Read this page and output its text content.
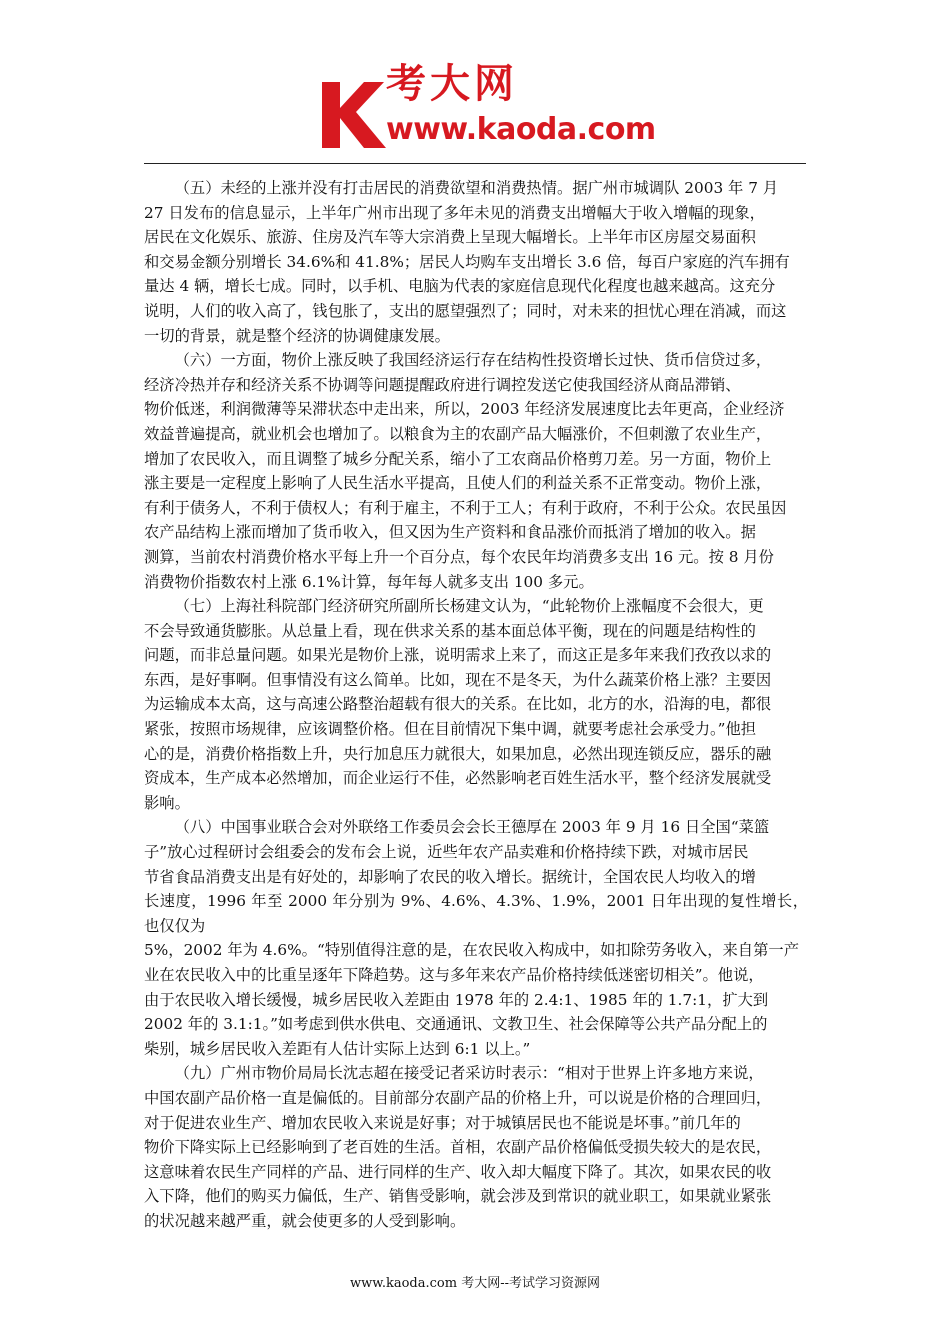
考大网
www.kaoda.com

（五）未经的上涨并没有打击居民的消费欲望和消费热情。据广州市城调队 2003 年 7 月
27 日发布的信息显示，上半年广州市出现了多年未见的消费支出增幅大于收入增幅的现象，
居民在文化娱乐、旅游、住房及汽车等大宗消费上呈现大幅增长。上半年市区房屋交易面积
和交易金额分别增长 34.6%和 41.8%；居民人均购车支出增长 3.6 倍，每百户家庭的汽车拥有
量达 4 辆，增长七成。同时，以手机、电脑为代表的家庭信息现代化程度也越来越高。这充分
说明，人们的收入高了，钱包胀了，支出的愿望强烈了；同时，对未来的担忧心理在消减，而这
一切的背景，就是整个经济的协调健康发展。

（六）一方面，物价上涨反映了我国经济运行存在结构性投资增长过快、货币信贷过多，
经济冷热并存和经济关系不协调等问题提醒政府进行调控发送它使我国经济从商品滞销、
物价低迷，利润微薄等呆滞状态中走出来，所以，2003 年经济发展速度比去年更高，企业经济
效益普遍提高，就业机会也增加了。以粮食为主的农副产品大幅涨价，不但刺激了农业生产，
增加了农民收入，而且调整了城乡分配关系，缩小了工农商品价格剪刀差。另一方面，物价上
涨主要是一定程度上影响了人民生活水平提高，且使人们的利益关系不正常变动。物价上涨，
有利于债务人，不利于债权人；有利于雇主，不利于工人；有利于政府，不利于公众。农民虽因
农产品结构上涨而增加了货币收入，但又因为生产资料和食品涨价而抵消了增加的收入。据
测算，当前农村消费价格水平每上升一个百分点，每个农民年均消费多支出 16 元。按 8 月份
消费物价指数农村上涨 6.1%计算，每年每人就多支出 100 多元。

（七）上海社科院部门经济研究所副所长杨建文认为，“此轮物价上涨幅度不会很大，更
不会导致通货膨胀。从总量上看，现在供求关系的基本面总体平衡，现在的问题是结构性的
问题，而非总量问题。如果光是物价上涨，说明需求上来了，而这正是多年来我们孜孜以求的
东西，是好事啊。但事情没有这么简单。比如，现在不是冬天，为什么蔬菜价格上涨？主要因
为运输成本太高，这与高速公路整治超载有很大的关系。在比如，北方的水，沿海的电，都很
紧张，按照市场规律，应该调整价格。但在目前情况下集中调，就要考虑社会承受力。”他担
心的是，消费价格指数上升，央行加息压力就很大，如果加息，必然出现连锁反应，器乐的融
资成本，生产成本必然增加，而企业运行不佳，必然影响老百姓生活水平，整个经济发展就受
影响。

（八）中国事业联合会对外联络工作委员会会长王德厚在 2003 年 9 月 16 日全国“菜篮
子”放心过程研讨会组委会的发布会上说，近些年农产品卖难和价格持续下跌，对城市居民
节省食品消费支出是有好处的，却影响了农民的收入增长。据统计，全国农民人均收入的增
长速度，1996 年至 2000 年分别为 9%、4.6%、4.3%、1.9%，2001 日年出现的复性增长，也仅仅为
5%，2002 年为 4.6%。“特别值得注意的是，在农民收入构成中，如扣除劳务收入，来自第一产
业在农民收入中的比重呈逐年下降趋势。这与多年来农产品价格持续低迷密切相关”。他说，
由于农民收入增长缓慢，城乡居民收入差距由 1978 年的 2.4:1、1985 年的 1.7:1，扩大到
2002 年的 3.1:1。”如考虑到供水供电、交通通讯、文教卫生、社会保障等公共产品分配上的
柴别，城乡居民收入差距有人估计实际上达到 6:1 以上。”

（九）广州市物价局局长沈志超在接受记者采访时表示：“相对于世界上许多地方来说，
中国农副产品价格一直是偏低的。目前部分农副产品的价格上升，可以说是价格的合理回归，
对于促进农业生产、增加农民收入来说是好事；对于城镇居民也不能说是坏事。”前几年的
物价下降实际上已经影响到了老百姓的生活。首相，农副产品价格偏低受损失较大的是农民，
这意味着农民生产同样的产品、进行同样的生产、收入却大幅度下降了。其次，如果农民的收
入下降，他们的购买力偏低，生产、销售受影响，就会涉及到常识的就业职工，如果就业紧张
的状况越来越严重，就会使更多的人受到影响。

www.kaoda.com 考大网--考试学习资源网
